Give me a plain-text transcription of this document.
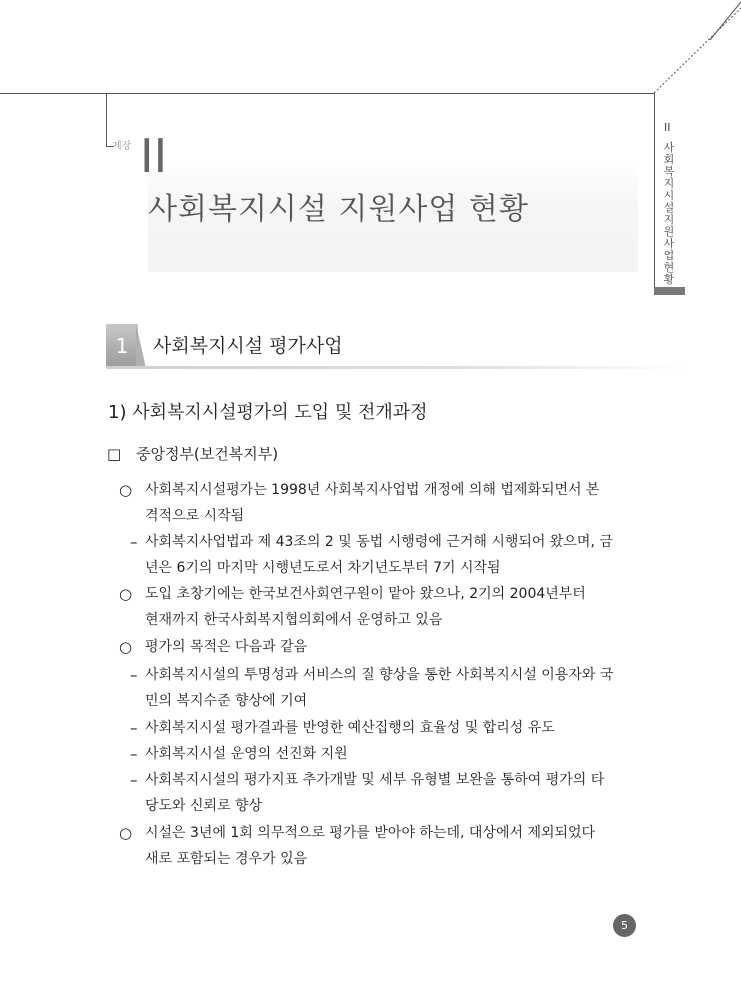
제장 II
사회복지시설 지원사업 현황
II
사회복지시설 지원사업 현황
1	사회복지시설 평가사업
1) 사회복지시설평가의 도입 및 전개과정
□ 중앙정부(보건복지부)
○ 사회복지시설평가는 1998년 사회복지사업법 개정에 의해 법제화되면서 본
격적으로 시작됨
– 사회복지사업법과 제 43조의 2 및 동법 시행령에 근거해 시행되어 왔으며, 금
년은 6기의 마지막 시행년도로서 차기년도부터 7기 시작됨
○ 도입 초창기에는 한국보건사회연구원이 맡아 왔으나, 2기의 2004년부터
현재까지 한국사회복지협의회에서 운영하고 있음
○ 평가의 목적은 다음과 같음
– 사회복지시설의 투명성과 서비스의 질 향상을 통한 사회복지시설 이용자와 국
민의 복지수준 향상에 기여
– 사회복지시설 평가결과를 반영한 예산집행의 효율성 및 합리성 유도
– 사회복지시설 운영의 선진화 지원
– 사회복지시설의 평가지표 추가개발 및 세부 유형별 보완을 통하여 평가의 타
당도와 신뢰로 향상
○ 시설은 3년에 1회 의무적으로 평가를 받아야 하는데, 대상에서 제외되었다
새로 포함되는 경우가 있음
5
